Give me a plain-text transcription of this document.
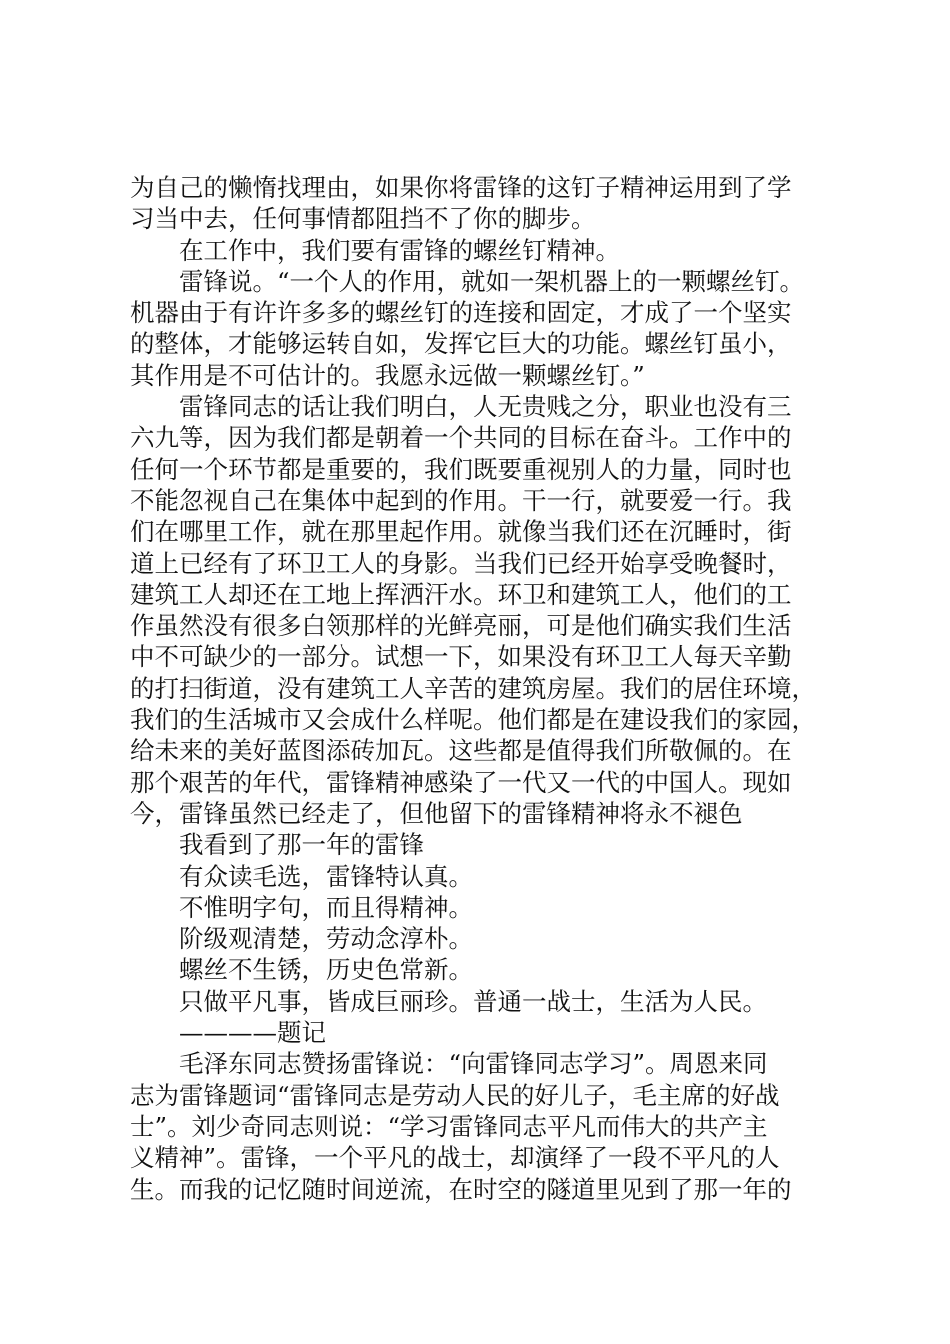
为自己的懒惰找理由，如果你将雷锋的这钉子精神运用到了学
习当中去，任何事情都阻挡不了你的脚步。
在工作中，我们要有雷锋的螺丝钉精神。
雷锋说。“一个人的作用，就如一架机器上的一颗螺丝钉。
机器由于有许许多多的螺丝钉的连接和固定，才成了一个坚实
的整体，才能够运转自如，发挥它巨大的功能。螺丝钉虽小，
其作用是不可估计的。我愿永远做一颗螺丝钉。”
雷锋同志的话让我们明白，人无贵贱之分，职业也没有三
六九等，因为我们都是朝着一个共同的目标在奋斗。工作中的
任何一个环节都是重要的，我们既要重视别人的力量，同时也
不能忽视自己在集体中起到的作用。干一行，就要爱一行。我
们在哪里工作，就在那里起作用。就像当我们还在沉睡时，街
道上已经有了环卫工人的身影。当我们已经开始享受晚餐时，
建筑工人却还在工地上挥洒汗水。环卫和建筑工人，他们的工
作虽然没有很多白领那样的光鲜亮丽，可是他们确实我们生活
中不可缺少的一部分。试想一下，如果没有环卫工人每天辛勤
的打扫街道，没有建筑工人辛苦的建筑房屋。我们的居住环境，
我们的生活城市又会成什么样呢。他们都是在建设我们的家园，
给未来的美好蓝图添砖加瓦。这些都是值得我们所敬佩的。在
那个艰苦的年代，雷锋精神感染了一代又一代的中国人。现如
今，雷锋虽然已经走了，但他留下的雷锋精神将永不褪色
我看到了那一年的雷锋
有众读毛选，雷锋特认真。
不惟明字句，而且得精神。
阶级观清楚，劳动念淳朴。
螺丝不生锈，历史色常新。
只做平凡事，皆成巨丽珍。普通一战士，生活为人民。
————题记
毛泽东同志赞扬雷锋说：“向雷锋同志学习”。周恩来同
志为雷锋题词“雷锋同志是劳动人民的好儿子，毛主席的好战
士”。刘少奇同志则说：“学习雷锋同志平凡而伟大的共产主
义精神”。雷锋，一个平凡的战士，却演绎了一段不平凡的人
生。而我的记忆随时间逆流，在时空的隧道里见到了那一年的
